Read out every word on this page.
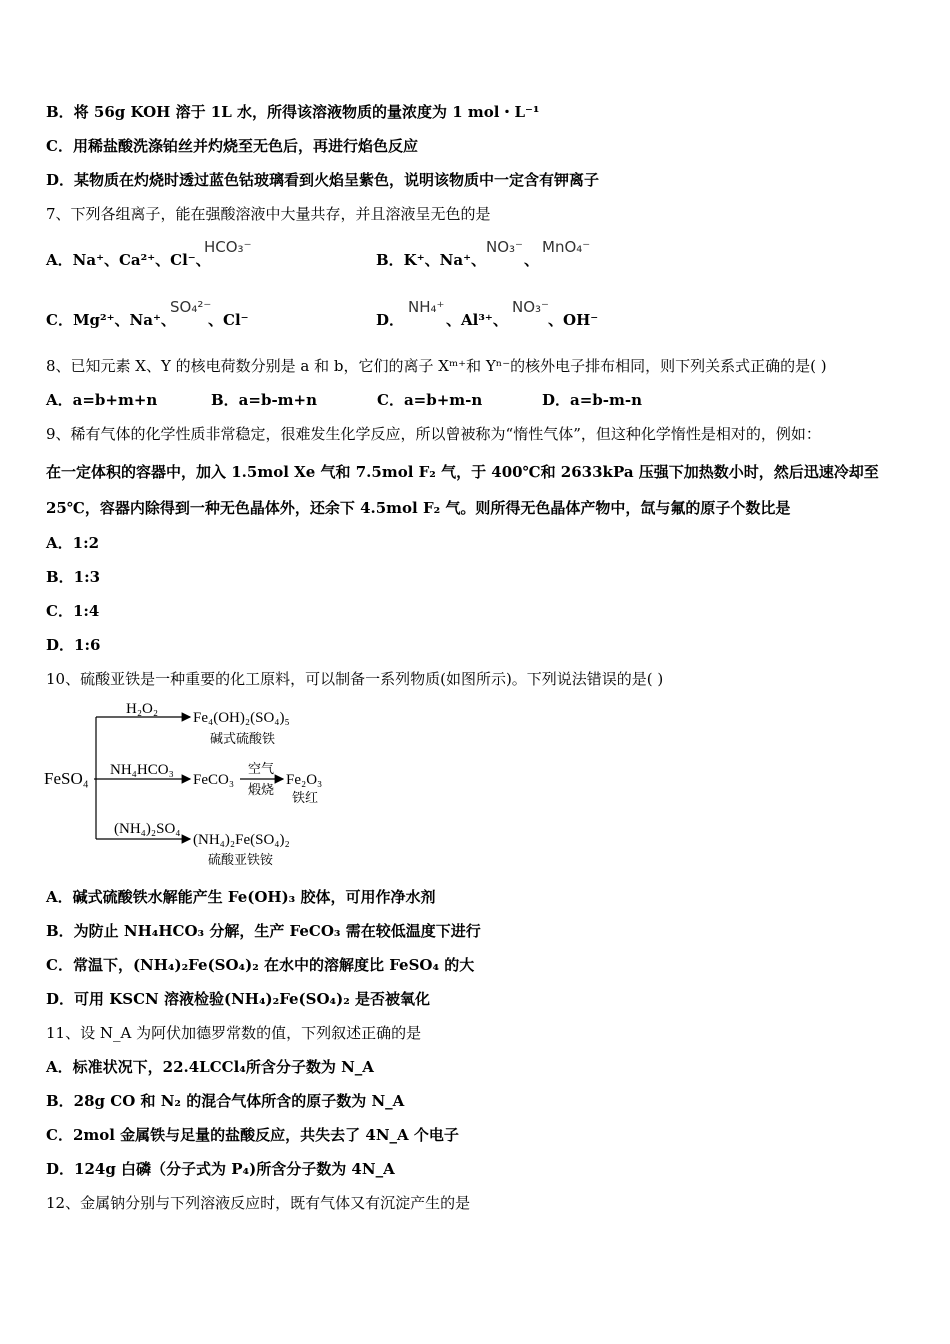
B．将 56g KOH 溶于 1L 水，所得该溶液物质的量浓度为 1 mol・L⁻¹
C．用稀盐酸洗涤铂丝并灼烧至无色后，再进行焰色反应
D．某物质在灼烧时透过蓝色钴玻璃看到火焰呈紫色，说明该物质中一定含有钾离子
7、下列各组离子，能在强酸溶液中大量共存，并且溶液呈无色的是
A．Na⁺、Ca²⁺、Cl⁻、
HCO₃⁻
B．K⁺、Na⁺、
NO₃⁻
、
MnO₄⁻
C．Mg²⁺、Na⁺、
SO₄²⁻
、Cl⁻	D．
NH₄⁺
、Al³⁺、
NO₃⁻
、OH⁻
8、已知元素 X、Y 的核电荷数分别是 a 和 b，它们的离子 Xᵐ⁺和 Yⁿ⁻的核外电子排布相同，则下列关系式正确的是( )
A．a=b+m+n	B．a=b-m+n	C．a=b+m-n	D．a=b-m-n
9、稀有气体的化学性质非常稳定，很难发生化学反应，所以曾被称为“惰性气体”，但这种化学惰性是相对的，例如：
在一定体积的容器中，加入 1.5mol Xe 气和 7.5mol F₂ 气，于 400℃和 2633kPa 压强下加热数小时，然后迅速冷却至
25℃，容器内除得到一种无色晶体外，还余下 4.5mol F₂ 气。则所得无色晶体产物中，氙与氟的原子个数比是
A．1:2
B．1:3
C．1:4
D．1:6
10、硫酸亚铁是一种重要的化工原料，可以制备一系列物质(如图所示)。下列说法错误的是( )
FeSO₄
H₂O₂
Fe₄(OH)₂(SO₄)₅
碱式硫酸铁
NH₄HCO₃
FeCO₃
空气
煅烧
Fe₂O₃
铁红
(NH₄)₂SO₄
(NH₄)₂Fe(SO₄)₂
硫酸亚铁铵
A．碱式硫酸铁水解能产生 Fe(OH)₃ 胶体，可用作净水剂
B．为防止 NH₄HCO₃ 分解，生产 FeCO₃ 需在较低温度下进行
C．常温下，(NH₄)₂Fe(SO₄)₂ 在水中的溶解度比 FeSO₄ 的大
D．可用 KSCN 溶液检验(NH₄)₂Fe(SO₄)₂ 是否被氧化
11、设 N_A 为阿伏加德罗常数的值，下列叙述正确的是
A．标准状况下，22.4LCCl₄所含分子数为 N_A
B．28g CO 和 N₂ 的混合气体所含的原子数为 N_A
C．2mol 金属铁与足量的盐酸反应，共失去了 4N_A 个电子
D．124g 白磷（分子式为 P₄)所含分子数为 4N_A
12、金属钠分别与下列溶液反应时，既有气体又有沉淀产生的是
